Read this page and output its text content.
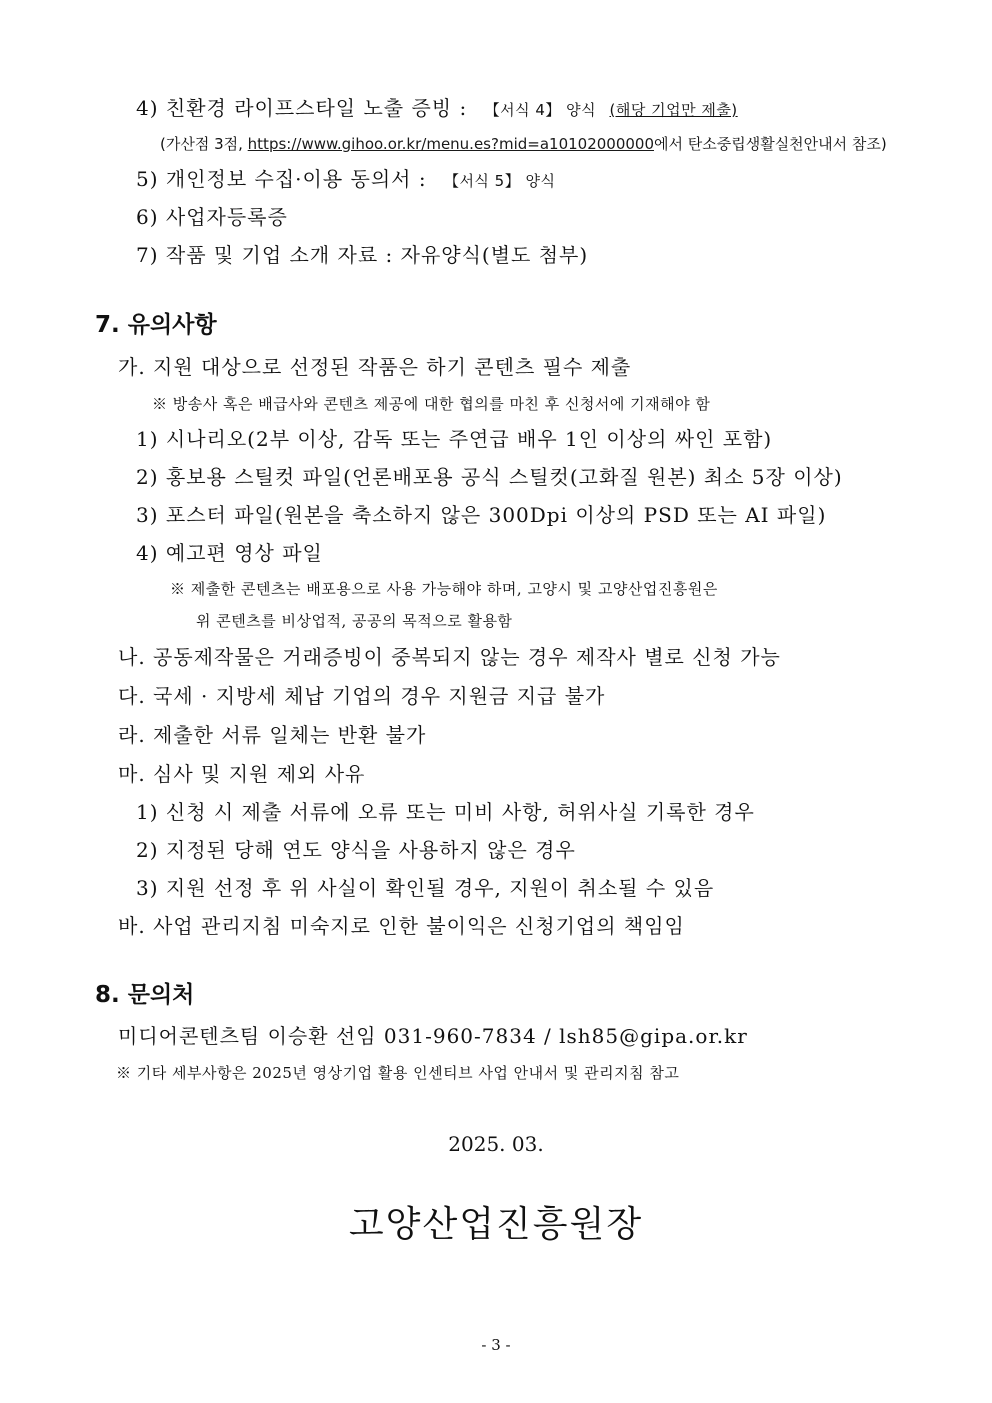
4) 친환경 라이프스타일 노출 증빙 : 【서식 4】 양식 (해당 기업만 제출)
(가산점 3점, https://www.gihoo.or.kr/menu.es?mid=a10102000000에서 탄소중립생활실천안내서 참조)
5) 개인정보 수집·이용 동의서 : 【서식 5】 양식
6) 사업자등록증
7) 작품 및 기업 소개 자료 : 자유양식(별도 첨부)
7. 유의사항
가. 지원 대상으로 선정된 작품은 하기 콘텐츠 필수 제출
※ 방송사 혹은 배급사와 콘텐츠 제공에 대한 협의를 마친 후 신청서에 기재해야 함
1) 시나리오(2부 이상, 감독 또는 주연급 배우 1인 이상의 싸인 포함)
2) 홍보용 스틸컷 파일(언론배포용 공식 스틸컷(고화질 원본) 최소 5장 이상)
3) 포스터 파일(원본을 축소하지 않은 300Dpi 이상의 PSD 또는 AI 파일)
4) 예고편 영상 파일
※ 제출한 콘텐츠는 배포용으로 사용 가능해야 하며, 고양시 및 고양산업진흥원은
위 콘텐츠를 비상업적, 공공의 목적으로 활용함
나. 공동제작물은 거래증빙이 중복되지 않는 경우 제작사 별로 신청 가능
다. 국세 · 지방세 체납 기업의 경우 지원금 지급 불가
라. 제출한 서류 일체는 반환 불가
마. 심사 및 지원 제외 사유
1) 신청 시 제출 서류에 오류 또는 미비 사항, 허위사실 기록한 경우
2) 지정된 당해 연도 양식을 사용하지 않은 경우
3) 지원 선정 후 위 사실이 확인될 경우, 지원이 취소될 수 있음
바. 사업 관리지침 미숙지로 인한 불이익은 신청기업의 책임임
8. 문의처
미디어콘텐츠팀 이승환 선임 031-960-7834 / lsh85@gipa.or.kr
※ 기타 세부사항은 2025년 영상기업 활용 인센티브 사업 안내서 및 관리지침 참고
2025. 03.
고양산업진흥원장
- 3 -
